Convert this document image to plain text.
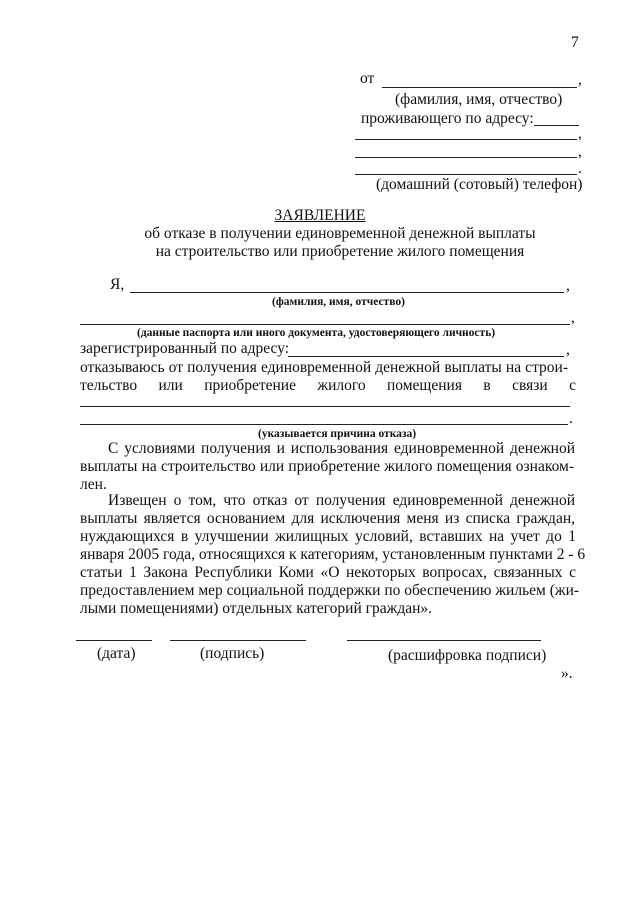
7
от	,
(фамилия, имя, отчество)
проживающего по адресу:
,
,
.
(домашний (сотовый) телефон)
ЗАЯВЛЕНИЕ
об отказе в получении единовременной денежной выплаты
на строительство или приобретение жилого помещения
Я,	,
(фамилия, имя, отчество)
,
(данные паспорта или иного документа, удостоверяющего личность)
зарегистрированный по адресу:	,
отказываюсь от получения единовременной денежной выплаты на строи-
тельство или приобретение жилого помещения в связи с
.
(указывается причина отказа)
С условиями получения и использования единовременной денежной
выплаты на строительство или приобретение жилого помещения ознаком-
лен.
Извещен о том, что отказ от получения единовременной денежной
выплаты является основанием для исключения меня из списка граждан,
нуждающихся в улучшении жилищных условий, вставших на учет до 1
января 2005 года, относящихся к категориям, установленным пунктами 2 - 6
статьи 1 Закона Республики Коми «О некоторых вопросах, связанных с
предоставлением мер социальной поддержки по обеспечению жильем (жи-
лыми помещениями) отдельных категорий граждан».
(дата)	(подпись)	(расшифровка подписи)
».
